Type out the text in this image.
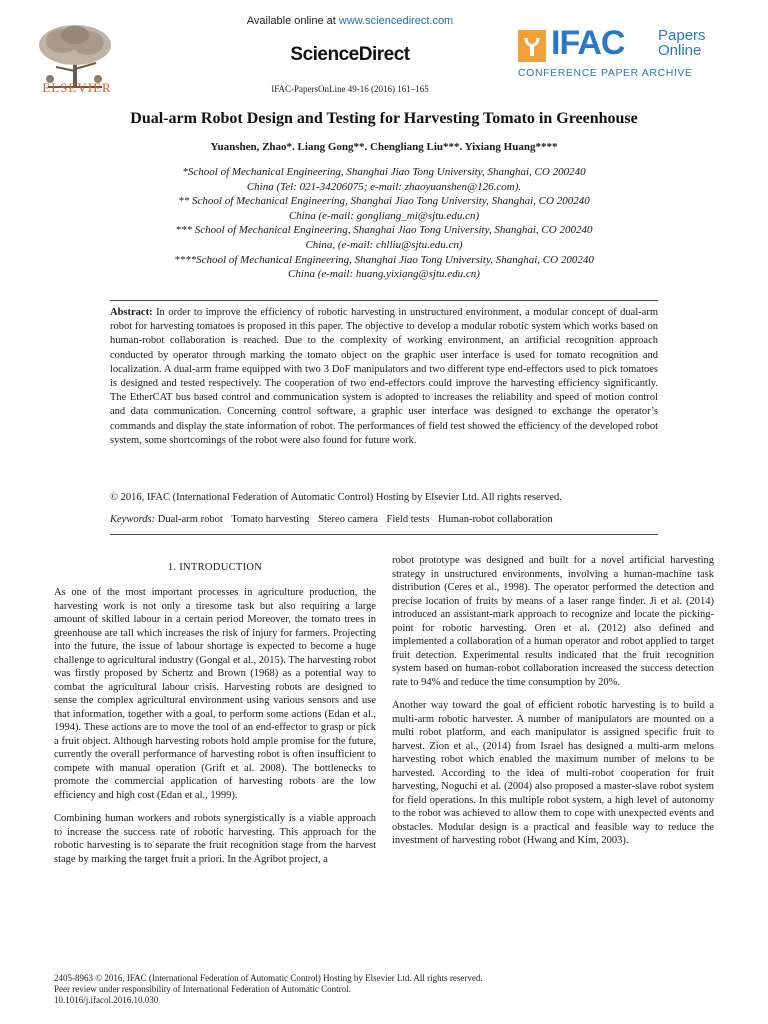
ELSEVIER
Available online at www.sciencedirect.com
ScienceDirect
IFAC-PapersOnLine 49-16 (2016) 161–165
IFAC Papers
Online
CONFERENCE PAPER ARCHIVE
Dual-arm Robot Design and Testing for Harvesting Tomato in Greenhouse
Yuanshen, Zhao*. Liang Gong**. Chengliang Liu***. Yixiang Huang****
*School of Mechanical Engineering, Shanghai Jiao Tong University, Shanghai, CO 200240
China (Tel: 021-34206075; e-mail: zhaoyuanshen@126.com).
** School of Mechanical Engineering, Shanghai Jiao Tong University, Shanghai, CO 200240
China (e-mail: gongliang_mi@sjtu.edu.cn)
*** School of Mechanical Engineering, Shanghai Jiao Tong University, Shanghai, CO 200240
China, (e-mail: chlliu@sjtu.edu.cn)
****School of Mechanical Engineering, Shanghai Jiao Tong University, Shanghai, CO 200240
China (e-mail: huang.yixiang@sjtu.edu.cn)
Abstract: In order to improve the efficiency of robotic harvesting in unstructured environment, a modular concept of dual-arm robot for harvesting tomatoes is proposed in this paper. The objective to develop a modular robotic system which works based on human-robot collaboration is reached. Due to the complexity of working environment, an artificial recognition approach conducted by operator through marking the tomato object on the graphic user interface is used for tomato recognition and localization. A dual-arm frame equipped with two 3 DoF manipulators and two different type end-effectors used to pick tomatoes is designed and tested respectively. The cooperation of two end-effectors could improve the harvesting efficiency significantly. The EtherCAT bus based control and communication system is adopted to increases the reliability and speed of motion control and data communication. Concerning control software, a graphic user interface was designed to exchange the operator’s commands and display the state information of robot. The performances of field test showed the efficiency of the developed robot system, some shortcomings of the robot were also found for future work.
© 2016, IFAC (International Federation of Automatic Control) Hosting by Elsevier Ltd. All rights reserved.
Keywords: Dual-arm robot Tomato harvesting Stereo camera Field tests Human-robot collaboration
1. INTRODUCTION

As one of the most important processes in agriculture production, the harvesting work is not only a tiresome task but also requiring a large amount of skilled labour in a certain period Moreover, the tomato trees in greenhouse are tall which increases the risk of injury for farmers. Projecting into the future, the issue of labour shortage is expected to become a huge challenge to agricultural industry (Gongal et al., 2015). The harvesting robot was firstly proposed by Schertz and Brown (1968) as a potential way to combat the agricultural labour crisis. Harvesting robots are designed to sense the complex agricultural environment using various sensors and use that information, together with a goal, to perform some actions (Edan et al., 1994). These actions are to move the tool of an end-effector to grasp or pick a fruit object. Although harvesting robots hold ample promise for the future, currently the overall performance of harvesting robot is often insufficient to compete with manual operation (Grift et al. 2008). The bottlenecks to promote the commercial application of harvesting robots are the low efficiency and high cost (Edan et al., 1999).

Combining human workers and robots synergistically is a viable approach to increase the success rate of robotic harvesting. This approach for the robotic harvesting is to separate the fruit recognition stage from the harvest stage by marking the target fruit a priori. In the Agribot project, a

robot prototype was designed and built for a novel artificial harvesting strategy in unstructured environments, involving a human-machine task distribution (Ceres et al., 1998). The operator performed the detection and precise location of fruits by means of a laser range finder. Ji et al. (2014) introduced an assistant-mark approach to recognize and locate the picking-point for robotic harvesting. Oren et al. (2012) also defined and implemented a collaboration of a human operator and robot applied to target fruit detection. Experimental results indicated that the fruit recognition system based on human-robot collaboration increased the success detection rate to 94% and reduce the time consumption by 20%.

Another way toward the goal of efficient robotic harvesting is to build a multi-arm robotic harvester. A number of manipulators are mounted on a multi robot platform, and each manipulator is assigned specific fruit to harvest. Zion et al., (2014) from Israel has designed a multi-arm melons harvesting robot which enabled the maximum number of melons to be harvested. According to the idea of multi-robot cooperation for fruit harvesting, Noguchi et al. (2004) also proposed a master-slave robot system for field operations. In this multiple robot system, a high level of autonomy to the robot was achieved to allow them to cope with unexpected events and obstacles. Modular design is a practical and feasible way to reduce the investment of harvesting robot (Hwang and Kim, 2003).

2405-8963 © 2016, IFAC (International Federation of Automatic Control) Hosting by Elsevier Ltd. All rights reserved.
Peer review under responsibility of International Federation of Automatic Control.
10.1016/j.ifacol.2016.10.030
